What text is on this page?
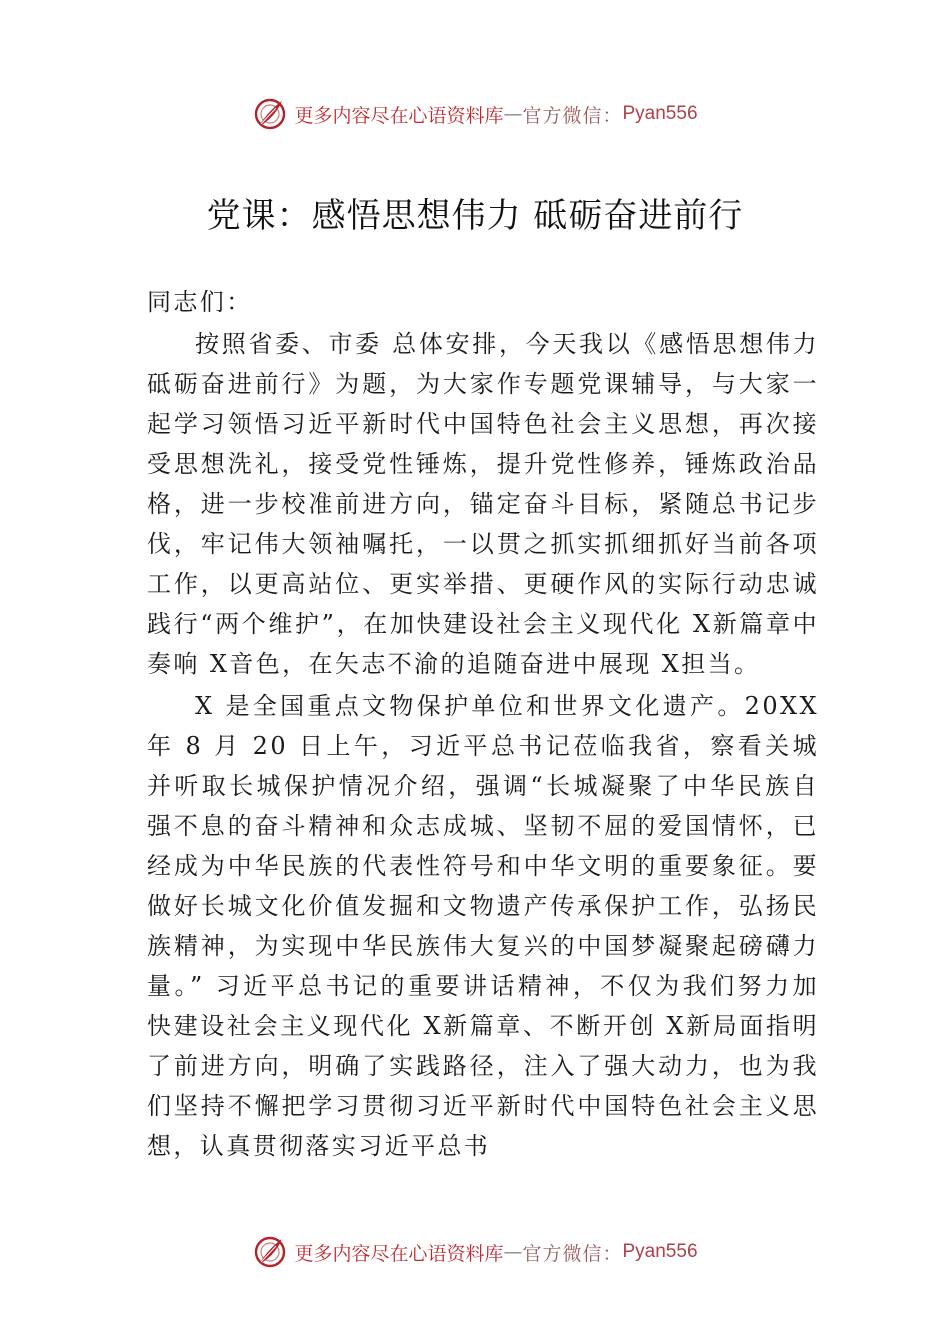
更多内容尽在心语资料库 — 官方微信： Pyan556
党课：感悟思想伟力 砥砺奋进前行

同志们：

按照省委、市委 总体安排，今天我以《感悟思想伟力 砥砺奋进前行》为题，为大家作专题党课辅导，与大家一起学习领悟习近平新时代中国特色社会主义思想，再次接受思想洗礼，接受党性锤炼，提升党性修养，锤炼政治品格，进一步校准前进方向，锚定奋斗目标，紧随总书记步伐，牢记伟大领袖嘱托，一以贯之抓实抓细抓好当前各项工作，以更高站位、更实举措、更硬作风的实际行动忠诚践行“两个维护”，在加快建设社会主义现代化 X新篇章中奏响 X音色，在矢志不渝的追随奋进中展现 X担当。

X 是全国重点文物保护单位和世界文化遗产。20XX 年 8 月 20 日上午，习近平总书记莅临我省，察看关城并听取长城保护情况介绍，强调“长城凝聚了中华民族自强不息的奋斗精神和众志成城、坚韧不屈的爱国情怀，已经成为中华民族的代表性符号和中华文明的重要象征。要做好长城文化价值发掘和文物遗产传承保护工作，弘扬民族精神，为实现中华民族伟大复兴的中国梦凝聚起磅礴力量。” 习近平总书记的重要讲话精神，不仅为我们努力加快建设社会主义现代化 X新篇章、不断开创 X新局面指明了前进方向，明确了实践路径，注入了强大动力，也为我们坚持不懈把学习贯彻习近平新时代中国特色社会主义思想，认真贯彻落实习近平总书

更多内容尽在心语资料库 — 官方微信： Pyan556
